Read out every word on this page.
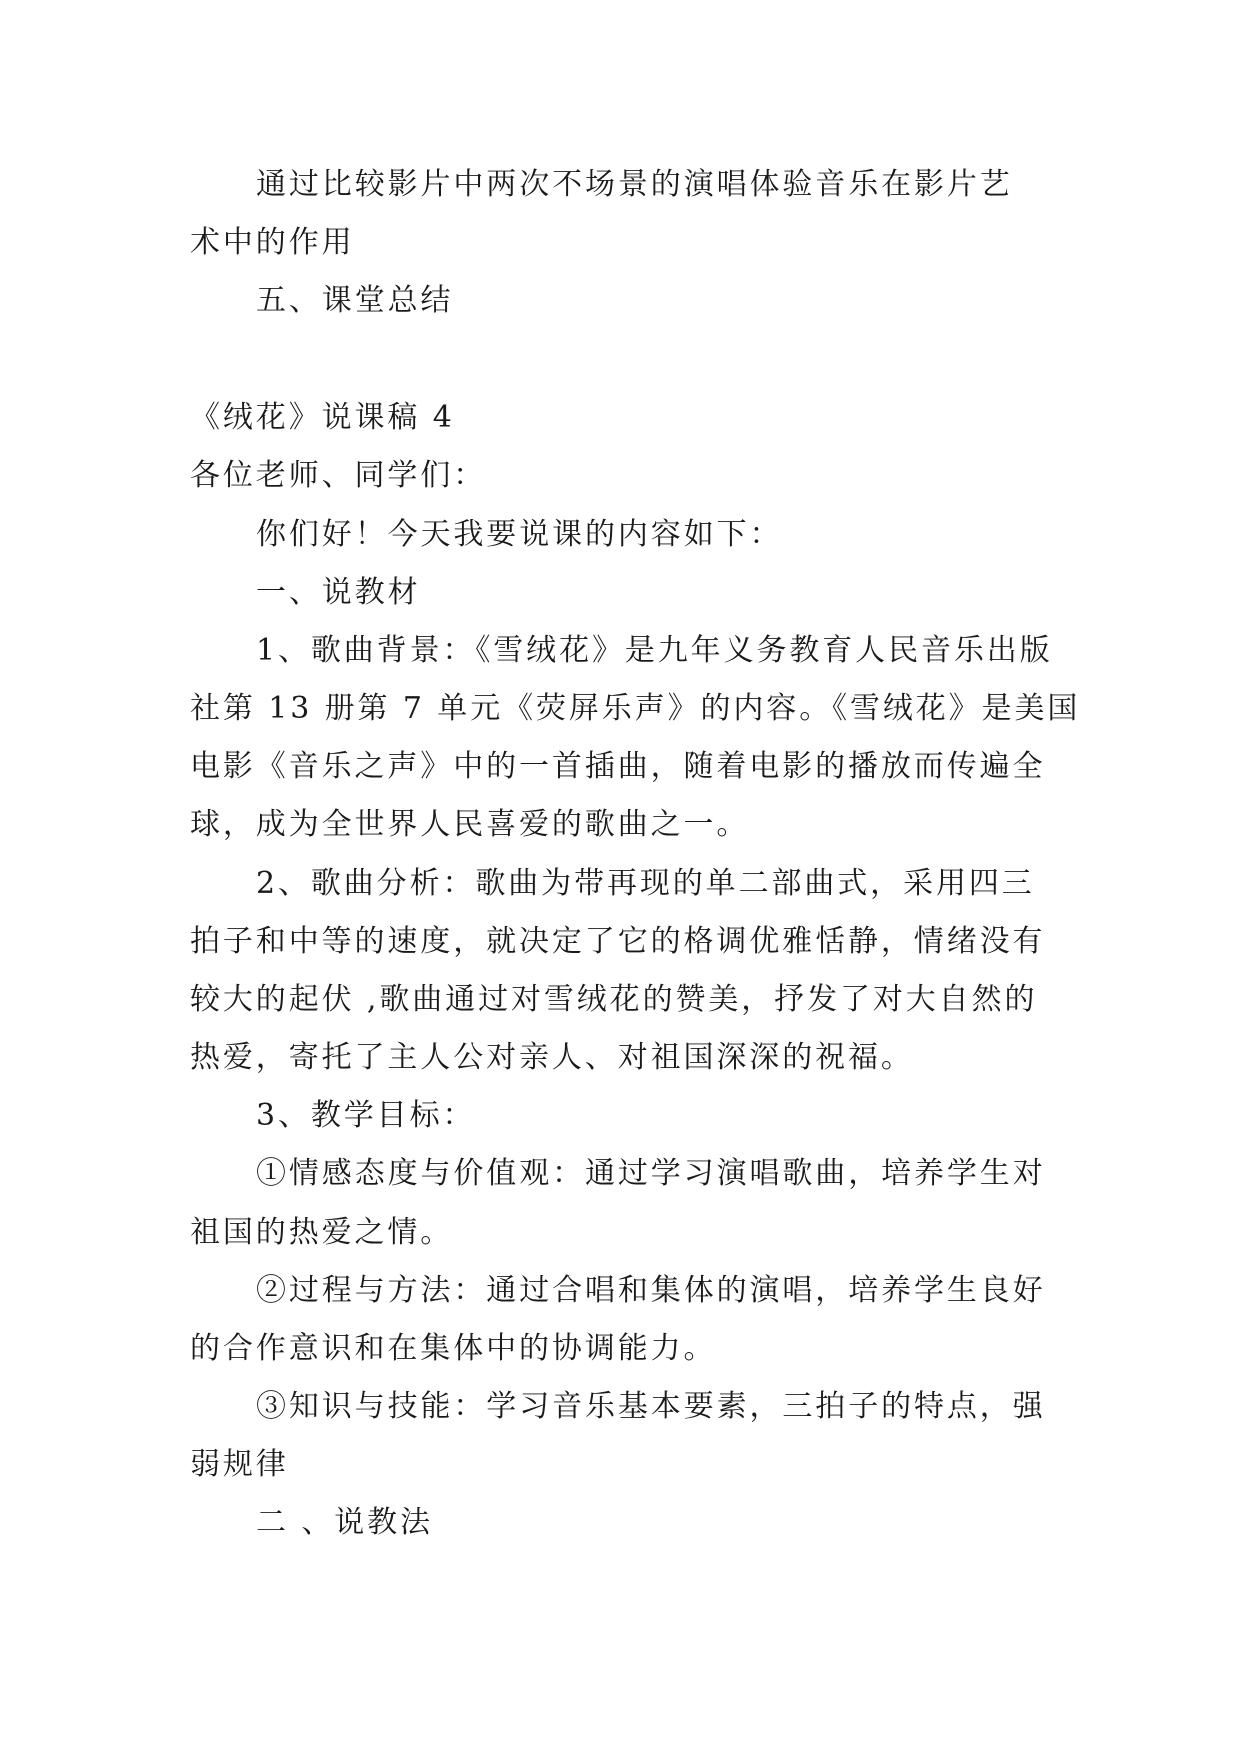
通过比较影片中两次不场景的演唱体验音乐在影片艺
术中的作用
五、课堂总结
《绒花》说课稿 4
各位老师、同学们：
你们好！今天我要说课的内容如下：
一、说教材
1、歌曲背景：《雪绒花》是九年义务教育人民音乐出版
社第 13 册第 7 单元《荧屏乐声》的内容。《雪绒花》是美国
电影《音乐之声》中的一首插曲，随着电影的播放而传遍全
球，成为全世界人民喜爱的歌曲之一。
2、歌曲分析：歌曲为带再现的单二部曲式，采用四三
拍子和中等的速度，就决定了它的格调优雅恬静，情绪没有
较大的起伏 ,歌曲通过对雪绒花的赞美，抒发了对大自然的
热爱，寄托了主人公对亲人、对祖国深深的祝福。
3、教学目标：
①情感态度与价值观：通过学习演唱歌曲，培养学生对
祖国的热爱之情。
②过程与方法：通过合唱和集体的演唱，培养学生良好
的合作意识和在集体中的协调能力。
③知识与技能：学习音乐基本要素，三拍子的特点，强
弱规律
二 、说教法
